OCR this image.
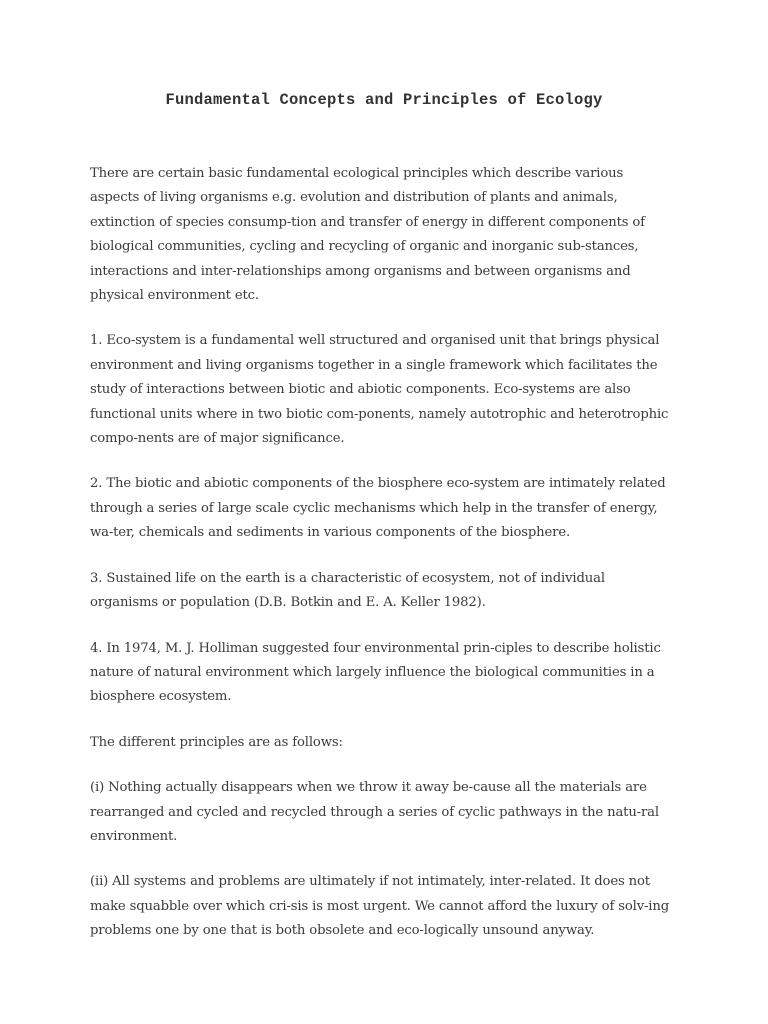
Fundamental Concepts and Principles of Ecology

There are certain basic fundamental ecological principles which describe various aspects of living organisms e.g. evolution and distribution of plants and animals, extinction of species consump-tion and transfer of energy in different components of biological communities, cycling and recycling of organic and inorganic sub-stances, interactions and inter-relationships among organisms and between organisms and physical environment etc.

1. Eco-system is a fundamental well structured and organised unit that brings physical environment and living organisms together in a single framework which facilitates the study of interactions between biotic and abiotic components. Eco-systems are also functional units where in two biotic com-ponents, namely autotrophic and heterotrophic compo-nents are of major significance.

2. The biotic and abiotic components of the biosphere eco-system are intimately related through a series of large scale cyclic mechanisms which help in the transfer of energy, wa-ter, chemicals and sediments in various components of the biosphere.

3. Sustained life on the earth is a characteristic of ecosystem, not of individual organisms or population (D.B. Botkin and E. A. Keller 1982).

4. In 1974, M. J. Holliman suggested four environmental prin-ciples to describe holistic nature of natural environment which largely influence the biological communities in a biosphere ecosystem.

The different principles are as follows:

(i) Nothing actually disappears when we throw it away be-cause all the materials are rearranged and cycled and recycled through a series of cyclic pathways in the natu-ral environment.

(ii) All systems and problems are ultimately if not intimately, inter-related. It does not make squabble over which cri-sis is most urgent. We cannot afford the luxury of solv-ing problems one by one that is both obsolete and eco-logically unsound anyway.
